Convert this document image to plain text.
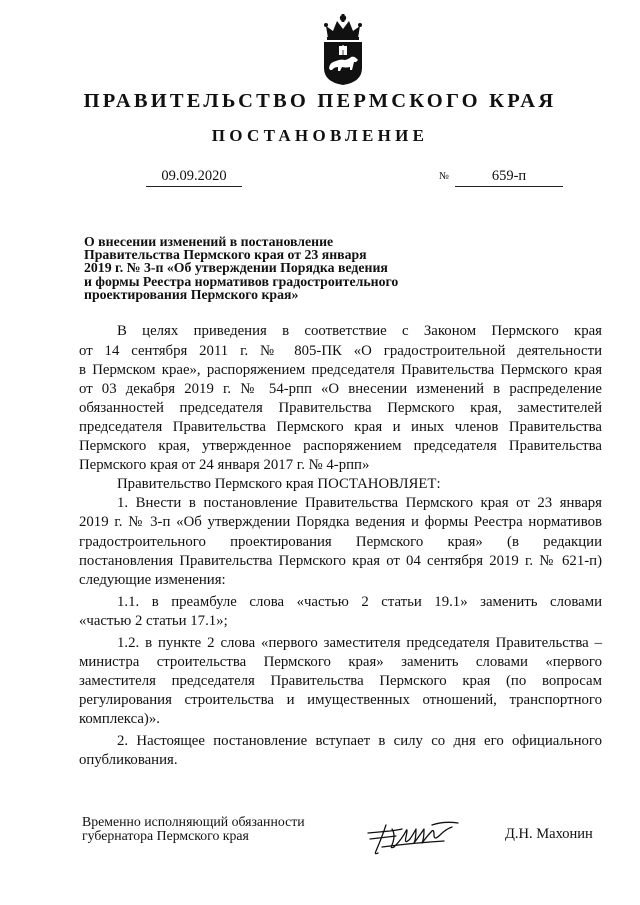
ПРАВИТЕЛЬСТВО ПЕРМСКОГО КРАЯ
ПОСТАНОВЛЕНИЕ
09.09.2020	№	659-п
О внесении изменений в постановление
Правительства Пермского края от 23 января
2019 г. № 3-п «Об утверждении Порядка ведения
и формы Реестра нормативов градостроительного
проектирования Пермского края»
В целях приведения в соответствие с Законом Пермского края
от 14 сентября 2011 г. № 805-ПК «О градостроительной деятельности
в Пермском крае», распоряжением председателя Правительства Пермского края
от 03 декабря 2019 г. № 54-рпп «О внесении изменений в распределение
обязанностей председателя Правительства Пермского края, заместителей
председателя Правительства Пермского края и иных членов Правительства
Пермского края, утвержденное распоряжением председателя Правительства
Пермского края от 24 января 2017 г. № 4-рпп»
Правительство Пермского края ПОСТАНОВЛЯЕТ:
1. Внести в постановление Правительства Пермского края от 23 января
2019 г. № 3-п «Об утверждении Порядка ведения и формы Реестра нормативов
градостроительного проектирования Пермского края» (в редакции
постановления Правительства Пермского края от 04 сентября 2019 г. № 621-п)
следующие изменения:
1.1. в преамбуле слова «частью 2 статьи 19.1» заменить словами
«частью 2 статьи 17.1»;
1.2. в пункте 2 слова «первого заместителя председателя Правительства –
министра строительства Пермского края» заменить словами «первого
заместителя председателя Правительства Пермского края (по вопросам
регулирования строительства и имущественных отношений, транспортного
комплекса)».
2. Настоящее постановление вступает в силу со дня его официального
опубликования.
Временно исполняющий обязанности
губернатора Пермского края	Д.Н. Махонин
